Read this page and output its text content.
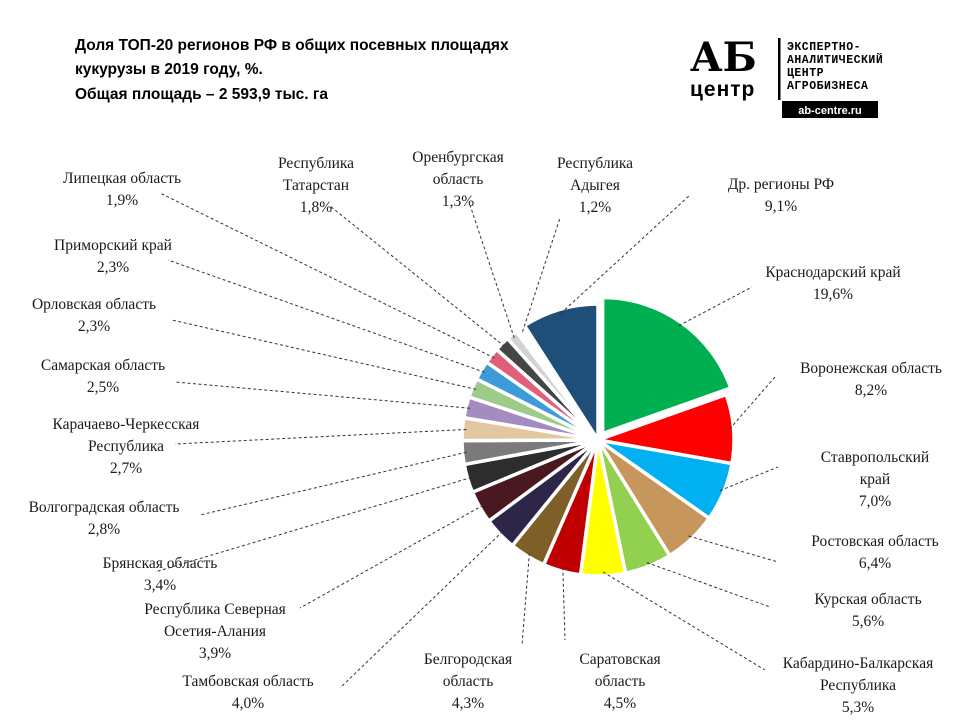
Доля ТОП-20 регионов РФ в общих посевных площадях
кукурузы в 2019 году, %.
Общая площадь – 2 593,9 тыс. га
АБ
центр
ЭКСПЕРТНО-
АНАЛИТИЧЕСКИЙ
ЦЕНТР
АГРОБИЗНЕСА
ab-centre.ru
Краснодарский край
19,6%
Воронежская область
8,2%
Ставропольский
край
7,0%
Ростовская область
6,4%
Курская область
5,6%
Кабардино-Балкарская
Республика
5,3%
Саратовская
область
4,5%
Белгородская
область
4,3%
Тамбовская область
4,0%
Республика Северная
Осетия-Алания
3,9%
Брянская область
3,4%
Волгоградская область
2,8%
Карачаево-Черкесская
Республика
2,7%
Самарская область
2,5%
Орловская область
2,3%
Приморский край
2,3%
Липецкая область
1,9%
Республика
Татарстан
1,8%
Оренбургская
область
1,3%
Республика
Адыгея
1,2%
Др. регионы РФ
9,1%
